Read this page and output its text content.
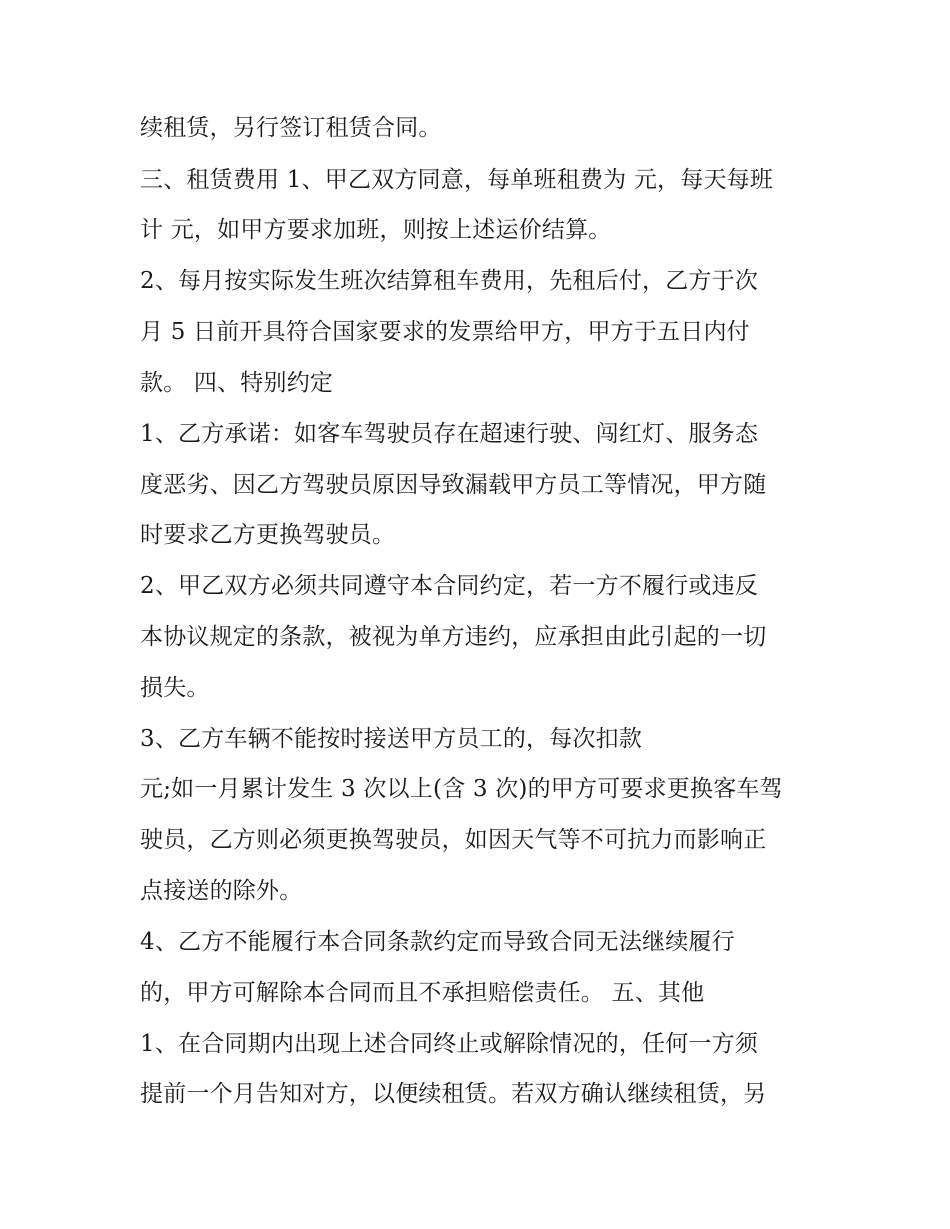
续租赁，另行签订租赁合同。
三、租赁费用 1、甲乙双方同意，每单班租费为 元，每天每班
计 元，如甲方要求加班，则按上述运价结算。
2、每月按实际发生班次结算租车费用，先租后付，乙方于次
月 5 日前开具符合国家要求的发票给甲方，甲方于五日内付
款。 四、特别约定
1、乙方承诺：如客车驾驶员存在超速行驶、闯红灯、服务态
度恶劣、因乙方驾驶员原因导致漏载甲方员工等情况，甲方随
时要求乙方更换驾驶员。
2、甲乙双方必须共同遵守本合同约定，若一方不履行或违反
本协议规定的条款，被视为单方违约，应承担由此引起的一切
损失。
3、乙方车辆不能按时接送甲方员工的，每次扣款
元;如一月累计发生 3 次以上(含 3 次)的甲方可要求更换客车驾
驶员，乙方则必须更换驾驶员，如因天气等不可抗力而影响正
点接送的除外。
4、乙方不能履行本合同条款约定而导致合同无法继续履行
的，甲方可解除本合同而且不承担赔偿责任。 五、其他
1、在合同期内出现上述合同终止或解除情况的，任何一方须
提前一个月告知对方，以便续租赁。若双方确认继续租赁，另
